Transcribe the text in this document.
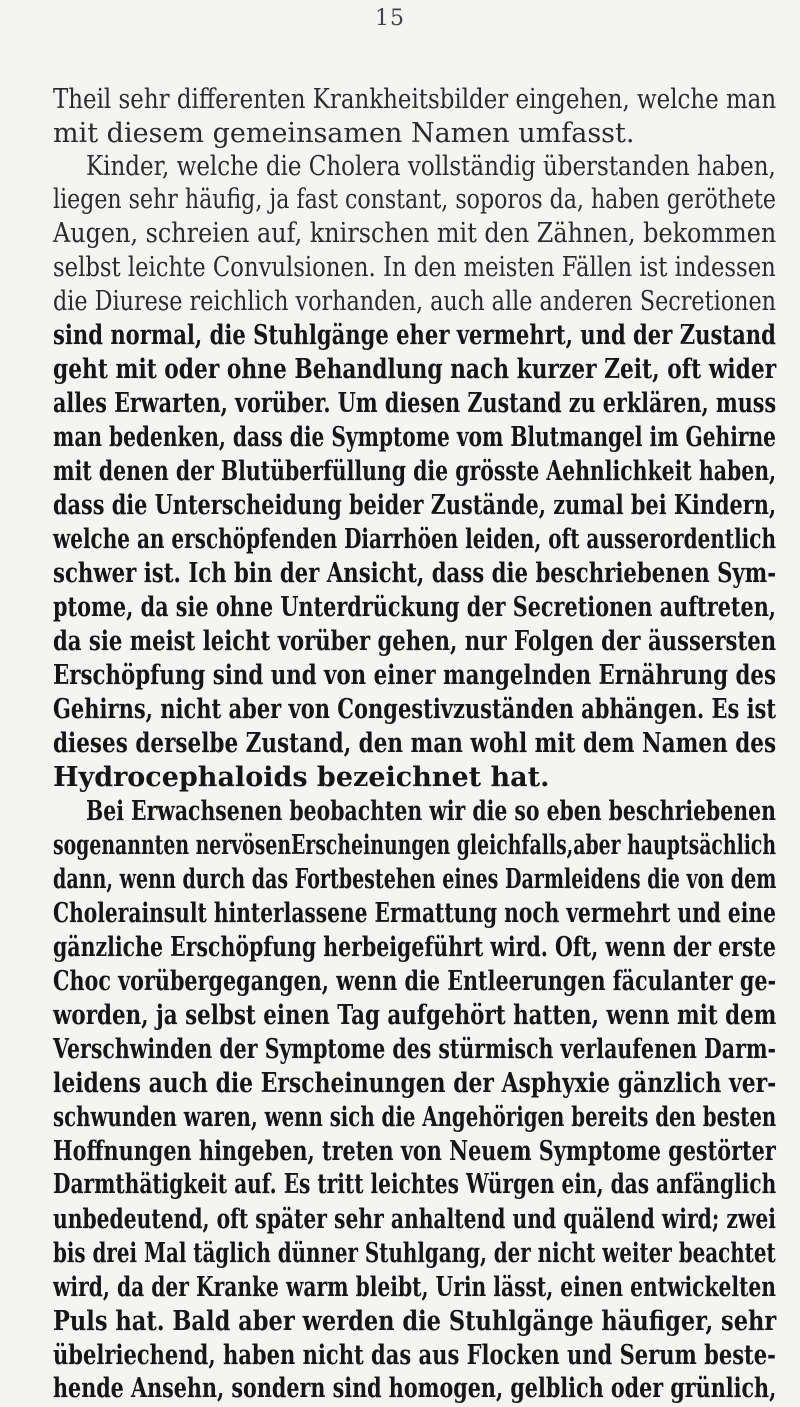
15
Theil sehr differenten Krankheitsbilder eingehen, welche man
mit diesem gemeinsamen Namen umfasst.
Kinder, welche die Cholera vollständig überstanden haben,
liegen sehr häufig, ja fast constant, soporos da, haben geröthete
Augen, schreien auf, knirschen mit den Zähnen, bekommen
selbst leichte Convulsionen. In den meisten Fällen ist indessen
die Diurese reichlich vorhanden, auch alle anderen Secretionen
sind normal, die Stuhlgänge eher vermehrt, und der Zustand
geht mit oder ohne Behandlung nach kurzer Zeit, oft wider
alles Erwarten, vorüber. Um diesen Zustand zu erklären, muss
man bedenken, dass die Symptome vom Blutmangel im Gehirne
mit denen der Blutüberfüllung die grösste Aehnlichkeit haben,
dass die Unterscheidung beider Zustände, zumal bei Kindern,
welche an erschöpfenden Diarrhöen leiden, oft ausserordentlich
schwer ist. Ich bin der Ansicht, dass die beschriebenen Sym-
ptome, da sie ohne Unterdrückung der Secretionen auftreten,
da sie meist leicht vorüber gehen, nur Folgen der äussersten
Erschöpfung sind und von einer mangelnden Ernährung des
Gehirns, nicht aber von Congestivzuständen abhängen. Es ist
dieses derselbe Zustand, den man wohl mit dem Namen des
Hydrocephaloids bezeichnet hat.
Bei Erwachsenen beobachten wir die so eben beschriebenen
sogenannten nervösenErscheinungen gleichfalls,aber hauptsächlich
dann, wenn durch das Fortbestehen eines Darmleidens die von dem
Cholerainsult hinterlassene Ermattung noch vermehrt und eine
gänzliche Erschöpfung herbeigeführt wird. Oft, wenn der erste
Choc vorübergegangen, wenn die Entleerungen fäculanter ge-
worden, ja selbst einen Tag aufgehört hatten, wenn mit dem
Verschwinden der Symptome des stürmisch verlaufenen Darm-
leidens auch die Erscheinungen der Asphyxie gänzlich ver-
schwunden waren, wenn sich die Angehörigen bereits den besten
Hoffnungen hingeben, treten von Neuem Symptome gestörter
Darmthätigkeit auf. Es tritt leichtes Würgen ein, das anfänglich
unbedeutend, oft später sehr anhaltend und quälend wird; zwei
bis drei Mal täglich dünner Stuhlgang, der nicht weiter beachtet
wird, da der Kranke warm bleibt, Urin lässt, einen entwickelten
Puls hat. Bald aber werden die Stuhlgänge häufiger, sehr
übelriechend, haben nicht das aus Flocken und Serum beste-
hende Ansehn, sondern sind homogen, gelblich oder grünlich,
